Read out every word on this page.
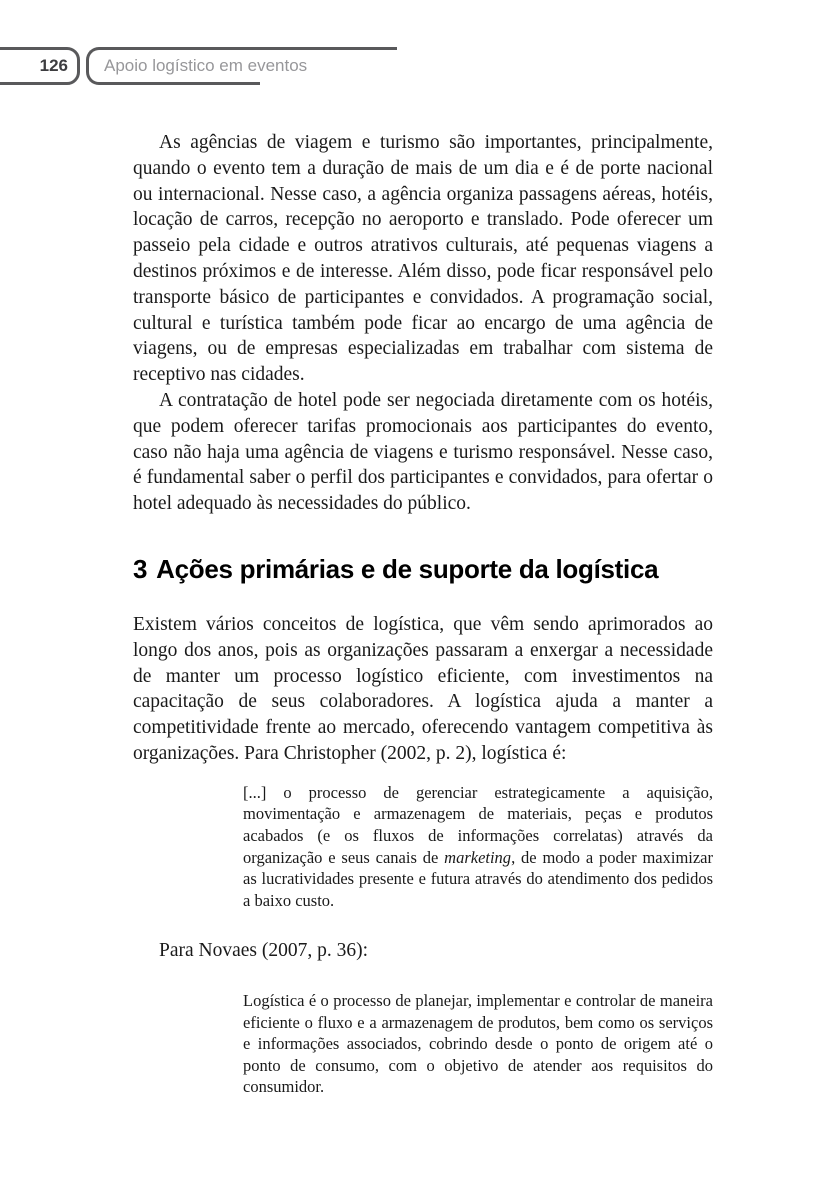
126 Apoio logístico em eventos

As agências de viagem e turismo são importantes, principalmente, quando o evento tem a duração de mais de um dia e é de porte nacional ou internacional. Nesse caso, a agência organiza passagens aéreas, hotéis, locação de carros, recepção no aeroporto e translado. Pode oferecer um passeio pela cidade e outros atrativos culturais, até pequenas viagens a destinos próximos e de interesse. Além disso, pode ficar responsável pelo transporte básico de participantes e convidados. A programação social, cultural e turística também pode ficar ao encargo de uma agência de viagens, ou de empresas especializadas em trabalhar com sistema de receptivo nas cidades.

A contratação de hotel pode ser negociada diretamente com os hotéis, que podem oferecer tarifas promocionais aos participantes do evento, caso não haja uma agência de viagens e turismo responsável. Nesse caso, é fundamental saber o perfil dos participantes e convidados, para ofertar o hotel adequado às necessidades do público.

3 Ações primárias e de suporte da logística

Existem vários conceitos de logística, que vêm sendo aprimorados ao longo dos anos, pois as organizações passaram a enxergar a necessidade de manter um processo logístico eficiente, com investimentos na capacitação de seus colaboradores. A logística ajuda a manter a competitividade frente ao mercado, oferecendo vantagem competitiva às organizações. Para Christopher (2002, p. 2), logística é:

[...] o processo de gerenciar estrategicamente a aquisição, movimentação e armazenagem de materiais, peças e produtos acabados (e os fluxos de informações correlatas) através da organização e seus canais de marketing, de modo a poder maximizar as lucratividades presente e futura através do atendimento dos pedidos a baixo custo.

Para Novaes (2007, p. 36):

Logística é o processo de planejar, implementar e controlar de maneira eficiente o fluxo e a armazenagem de produtos, bem como os serviços e informações associados, cobrindo desde o ponto de origem até o ponto de consumo, com o objetivo de atender aos requisitos do consumidor.
